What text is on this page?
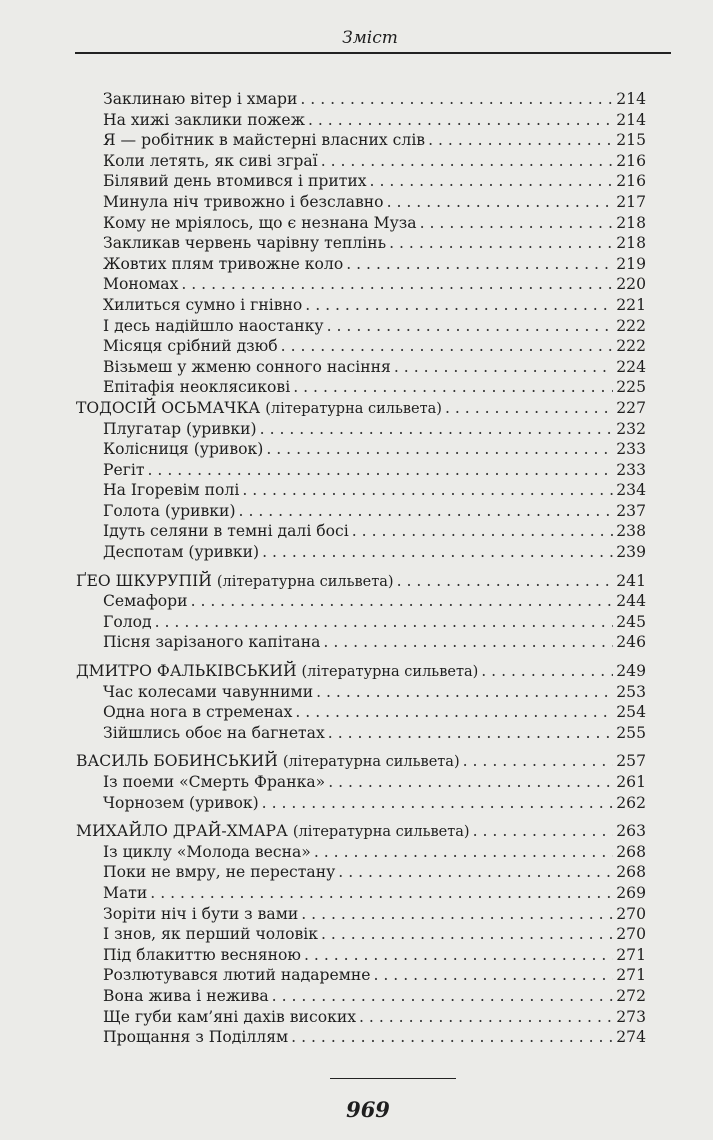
Зміст
Заклинаю вітер і хмари . . .	214
На хижі заклики пожеж . . .	214
Я — робітник в майстерні власних слів . . .	215
Коли летять, як сиві зграї . . .	216
Білявий день втомився і притих . . .	216
Минула ніч тривожно і безславно . . .	217
Кому не мріялось, що є незнана Муза . . .	218
Закликав червень чарівну теплінь . . .	218
Жовтих плям тривожне коло . . .	219
Мономах . . .	220
Хилиться сумно і гнівно . . .	221
І десь надійшло наостанку . . .	222
Місяця срібний дзюб . . .	222
Візьмеш у жменю сонного насіння . . .	224
Епітафія неоклясикові . . .	225
ТОДОСІЙ ОСЬМАЧКА (літературна сильвета) . . .	227
Плугатар (уривки) . . .	232
Колісниця (уривок) . . .	233
Регіт . . .	233
На Ігоревім полі . . .	234
Голота (уривки) . . .	237
Ідуть селяни в темні далі босі . . .	238
Деспотам (уривки) . . .	239
ҐЕО ШКУРУПІЙ (літературна сильвета) . . .	241
Семафори . . .	244
Голод . . .	245
Пісня зарізаного капітана . . .	246
ДМИТРО ФАЛЬКІВСЬКИЙ (літературна сильвета) . . .	249
Час колесами чавунними . . .	253
Одна нога в стременах . . .	254
Зійшлись обоє на багнетах . . .	255
ВАСИЛЬ БОБИНСЬКИЙ (літературна сильвета) . . .	257
Із поеми «Смерть Франка» . . .	261
Чорнозем (уривок) . . .	262
МИХАЙЛО ДРАЙ-ХМАРА (літературна сильвета) . . .	263
Із циклу «Молода весна» . . .	268
Поки не вмру, не перестану . . .	268
Мати . . .	269
Зоріти ніч і бути з вами . . .	270
І знов, як перший чоловік . . .	270
Під блакиттю весняною . . .	271
Розлютувався лютий надаремне . . .	271
Вона жива і нежива . . .	272
Ще губи кам’яні дахів високих . . .	273
Прощання з Поділлям . . .	274
969
